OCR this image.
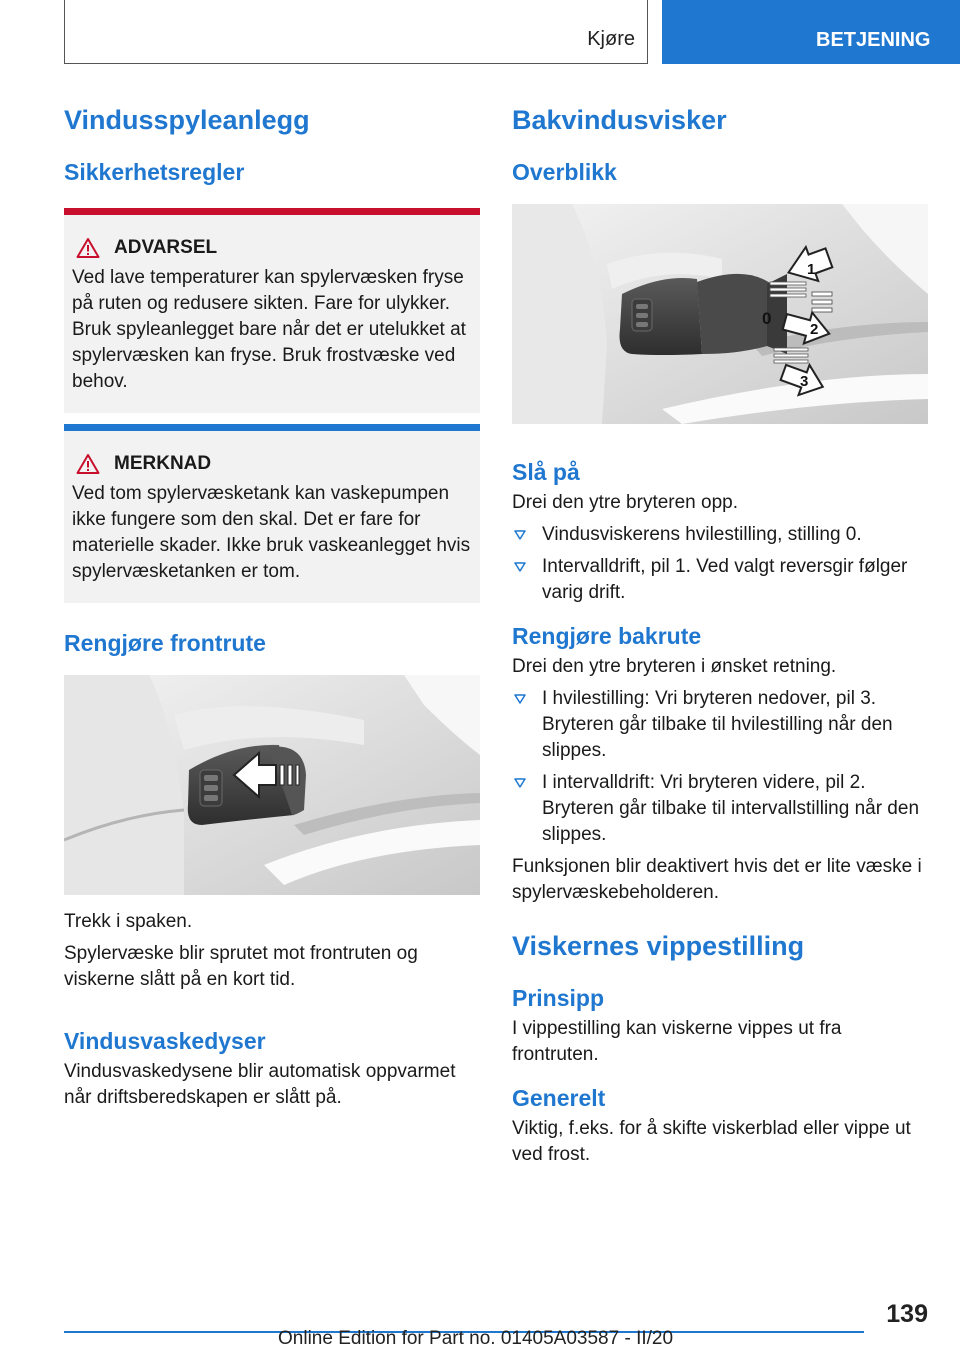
Kjøre	BETJENING
Vindusspyleanlegg
Sikkerhetsregler
ADVARSEL

Ved lave temperaturer kan spylervæsken fryse på ruten og redusere sikten. Fare for ulykker. Bruk spyleanlegget bare når det er utelukket at spylervæsken kan fryse. Bruk frostvæske ved behov.

MERKNAD

Ved tom spylervæsketank kan vaskepumpen ikke fungere som den skal. Det er fare for materielle skader. Ikke bruk vaskeanlegget hvis spylervæsketanken er tom.

Rengjøre frontrute

Trekk i spaken.

Spylervæske blir sprutet mot frontruten og viskerne slått på en kort tid.

Vindusvaskedyser

Vindusvaskedysene blir automatisk oppvarmet når driftsberedskapen er slått på.

Bakvindusvisker
Overblikk
1
0
2
3
Slå på

Drei den ytre bryteren opp.

Vindusviskerens hvilestilling, stilling 0.
Intervalldrift, pil 1. Ved valgt reversgir følger varig drift.
Rengjøre bakrute

Drei den ytre bryteren i ønsket retning.

I hvilestilling: Vri bryteren nedover, pil 3. Bryteren går tilbake til hvilestilling når den slippes.
I intervalldrift: Vri bryteren videre, pil 2. Bryteren går tilbake til intervallstilling når den slippes.

Funksjonen blir deaktivert hvis det er lite væske i spylervæskebeholderen.

Viskernes vippestilling
Prinsipp

I vippestilling kan viskerne vippes ut fra frontruten.

Generelt

Viktig, f.eks. for å skifte viskerblad eller vippe ut ved frost.

139
Online Edition for Part no. 01405A03587 - II/20
